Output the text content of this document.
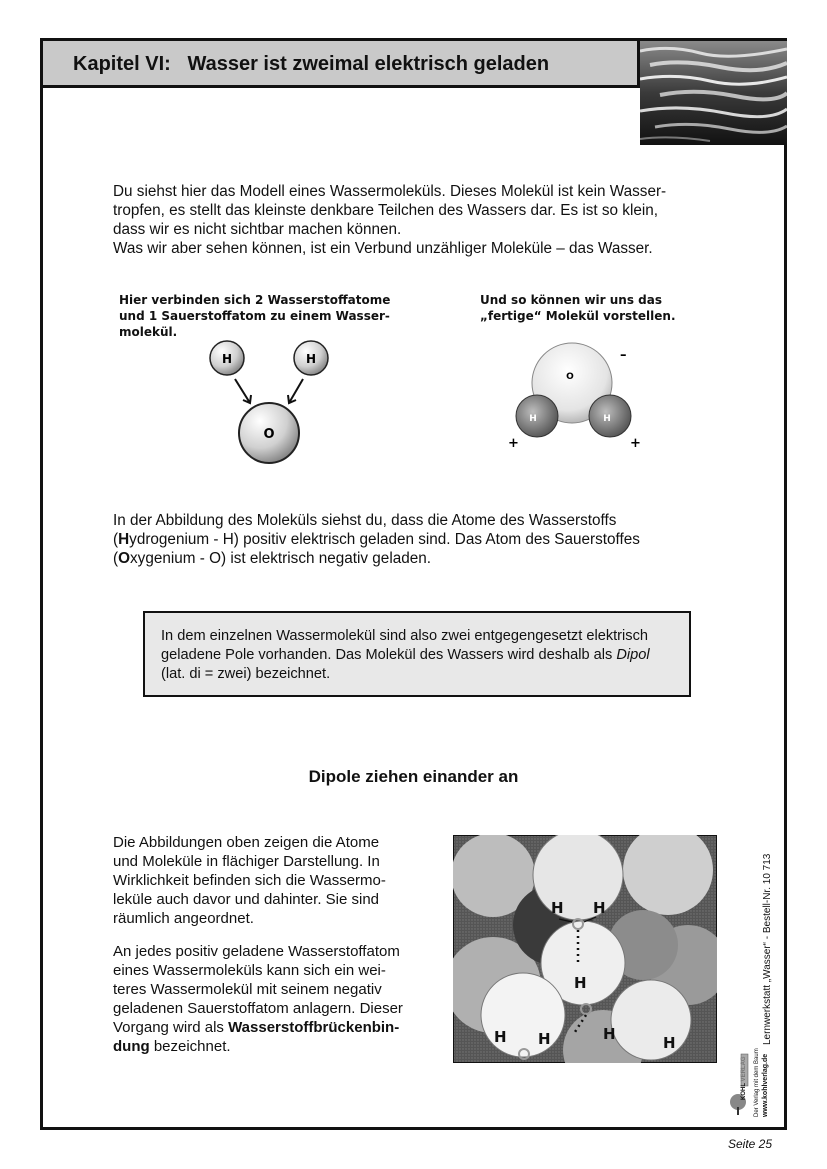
Kapitel VI: Wasser ist zweimal elektrisch geladen
Du siehst hier das Modell eines Wassermoleküls. Dieses Molekül ist kein Wasser-
tropfen, es stellt das kleinste denkbare Teilchen des Wassers dar. Es ist so klein,
dass wir es nicht sichtbar machen können.
Was wir aber sehen können, ist ein Verbund unzähliger Moleküle – das Wasser.
Hier verbinden sich 2 Wasserstoffatome
und 1 Sauerstoffatom zu einem Wasser-
molekül.
Und so können wir uns das
„fertige“ Molekül vorstellen.
H	H
O
O
H	H
+	+
–
In der Abbildung des Moleküls siehst du, dass die Atome des Wasserstoffs
(Hydrogenium - H) positiv elektrisch geladen sind. Das Atom des Sauerstoffes
(Oxygenium - O) ist elektrisch negativ geladen.
In dem einzelnen Wassermolekül sind also zwei entgegengesetzt elektrisch
geladene Pole vorhanden. Das Molekül des Wassers wird deshalb als Dipol
(lat. di = zwei) bezeichnet.
Dipole ziehen einander an
Die Abbildungen oben zeigen die Atome
und Moleküle in flächiger Darstellung. In
Wirklichkeit befinden sich die Wassermo-
leküle auch davor und dahinter. Sie sind
räumlich angeordnet.
An jedes positiv geladene Wasserstoffatom
eines Wassermoleküls kann sich ein wei-
teres Wassermolekül mit seinem negativ
geladenen Sauerstoffatom anlagern. Dieser
Vorgang wird als Wasserstoffbrückenbin-
dung bezeichnet.
H H
H
H
H	H	H	Lernwerkstatt „Wasser“ - Bestell-Nr. 10 713
KOHL VERLAG Der Verlag mit dem Baum www.kohlverlag.de
Seite 25
